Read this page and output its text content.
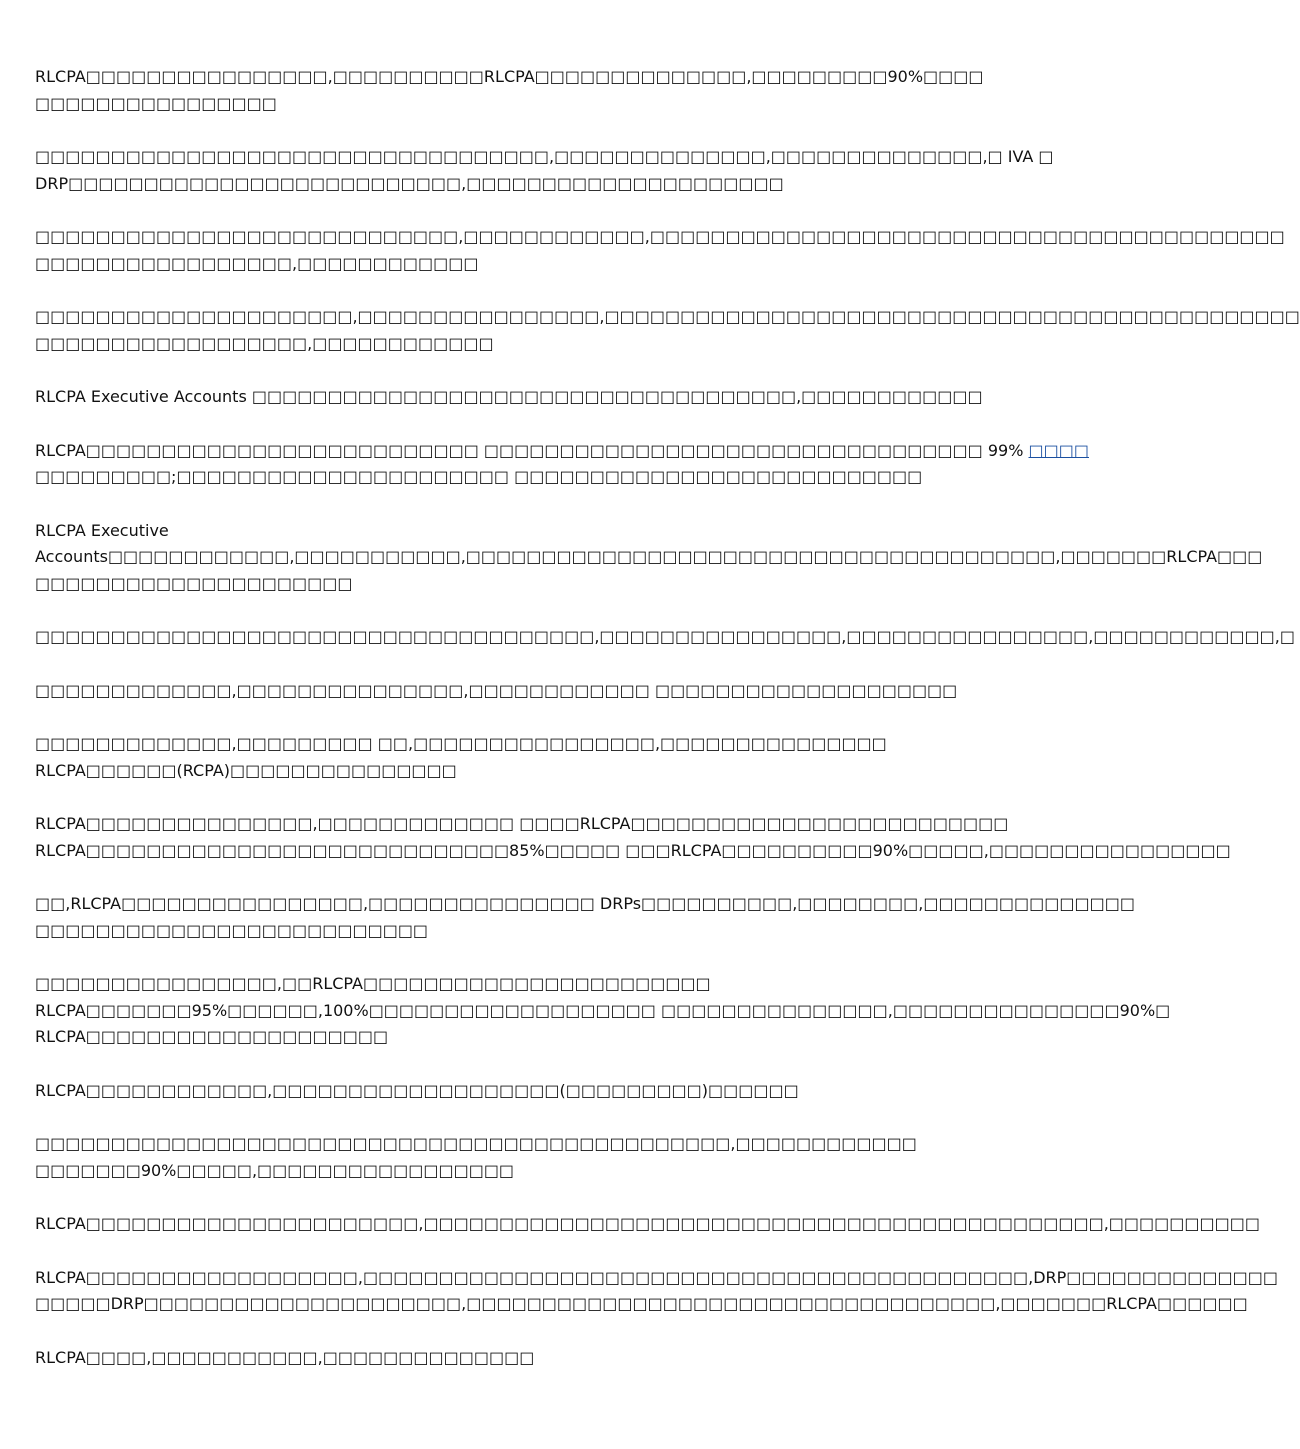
RLCPA□□□□□□□□□□□□□□□□,□□□□□□□□□□RLCPA□□□□□□□□□□□□□□,□□□□□□□□□90%□□□□
□□□□□□□□□□□□□□□□

□□□□□□□□□□□□□□□□□□□□□□□□□□□□□□□□□□,□□□□□□□□□□□□□□,□□□□□□□□□□□□□□,□ IVA □
DRP□□□□□□□□□□□□□□□□□□□□□□□□□□,□□□□□□□□□□□□□□□□□□□□□

□□□□□□□□□□□□□□□□□□□□□□□□□□□□,□□□□□□□□□□□□,□□□□□□□□□□□□□□□□□□□□□□□□□□□□□□□□□□□□□□□□□□
□□□□□□□□□□□□□□□□□,□□□□□□□□□□□□

□□□□□□□□□□□□□□□□□□□□□,□□□□□□□□□□□□□□□□,□□□□□□□□□□□□□□□□□□□□□□□□□□□□□□□□□□□□□□□□□□□□□□
□□□□□□□□□□□□□□□□□□,□□□□□□□□□□□□

RLCPA Executive Accounts □□□□□□□□□□□□□□□□□□□□□□□□□□□□□□□□□□□□,□□□□□□□□□□□□

RLCPA□□□□□□□□□□□□□□□□□□□□□□□□□□ □□□□□□□□□□□□□□□□□□□□□□□□□□□□□□□□□ 99% □□□□
□□□□□□□□□;□□□□□□□□□□□□□□□□□□□□□□ □□□□□□□□□□□□□□□□□□□□□□□□□□□

RLCPA Executive
Accounts□□□□□□□□□□□□,□□□□□□□□□□□,□□□□□□□□□□□□□□□□□□□□□□□□□□□□□□□□□□□□□□□,□□□□□□□RLCPA□□□
□□□□□□□□□□□□□□□□□□□□□

□□□□□□□□□□□□□□□□□□□□□□□□□□□□□□□□□□□□□,□□□□□□□□□□□□□□□□,□□□□□□□□□□□□□□□□,□□□□□□□□□□□□,□

□□□□□□□□□□□□□,□□□□□□□□□□□□□□□,□□□□□□□□□□□□ □□□□□□□□□□□□□□□□□□□□

□□□□□□□□□□□□□,□□□□□□□□□ □□,□□□□□□□□□□□□□□□□,□□□□□□□□□□□□□□□
RLCPA□□□□□□(RCPA)□□□□□□□□□□□□□□□

RLCPA□□□□□□□□□□□□□□□,□□□□□□□□□□□□□ □□□□RLCPA□□□□□□□□□□□□□□□□□□□□□□□□□
RLCPA□□□□□□□□□□□□□□□□□□□□□□□□□□□□85%□□□□□ □□□RLCPA□□□□□□□□□□90%□□□□□,□□□□□□□□□□□□□□□□

□□,RLCPA□□□□□□□□□□□□□□□□,□□□□□□□□□□□□□□□ DRPs□□□□□□□□□□,□□□□□□□□,□□□□□□□□□□□□□□
□□□□□□□□□□□□□□□□□□□□□□□□□□

□□□□□□□□□□□□□□□□,□□RLCPA□□□□□□□□□□□□□□□□□□□□□□□
RLCPA□□□□□□□95%□□□□□□,100%□□□□□□□□□□□□□□□□□□□ □□□□□□□□□□□□□□□,□□□□□□□□□□□□□□□90%□
RLCPA□□□□□□□□□□□□□□□□□□□□

RLCPA□□□□□□□□□□□□,□□□□□□□□□□□□□□□□□□□(□□□□□□□□□)□□□□□□

□□□□□□□□□□□□□□□□□□□□□□□□□□□□□□□□□□□□□□□□□□□□□□,□□□□□□□□□□□□
□□□□□□□90%□□□□□,□□□□□□□□□□□□□□□□□

RLCPA□□□□□□□□□□□□□□□□□□□□□□,□□□□□□□□□□□□□□□□□□□□□□□□□□□□□□□□□□□□□□□□□□□□□,□□□□□□□□□□

RLCPA□□□□□□□□□□□□□□□□□□,□□□□□□□□□□□□□□□□□□□□□□□□□□□□□□□□□□□□□□□□□□□□,DRP□□□□□□□□□□□□□□
□□□□□DRP□□□□□□□□□□□□□□□□□□□□□,□□□□□□□□□□□□□□□□□□□□□□□□□□□□□□□□□□□,□□□□□□□RLCPA□□□□□□

RLCPA□□□□,□□□□□□□□□□□,□□□□□□□□□□□□□□
